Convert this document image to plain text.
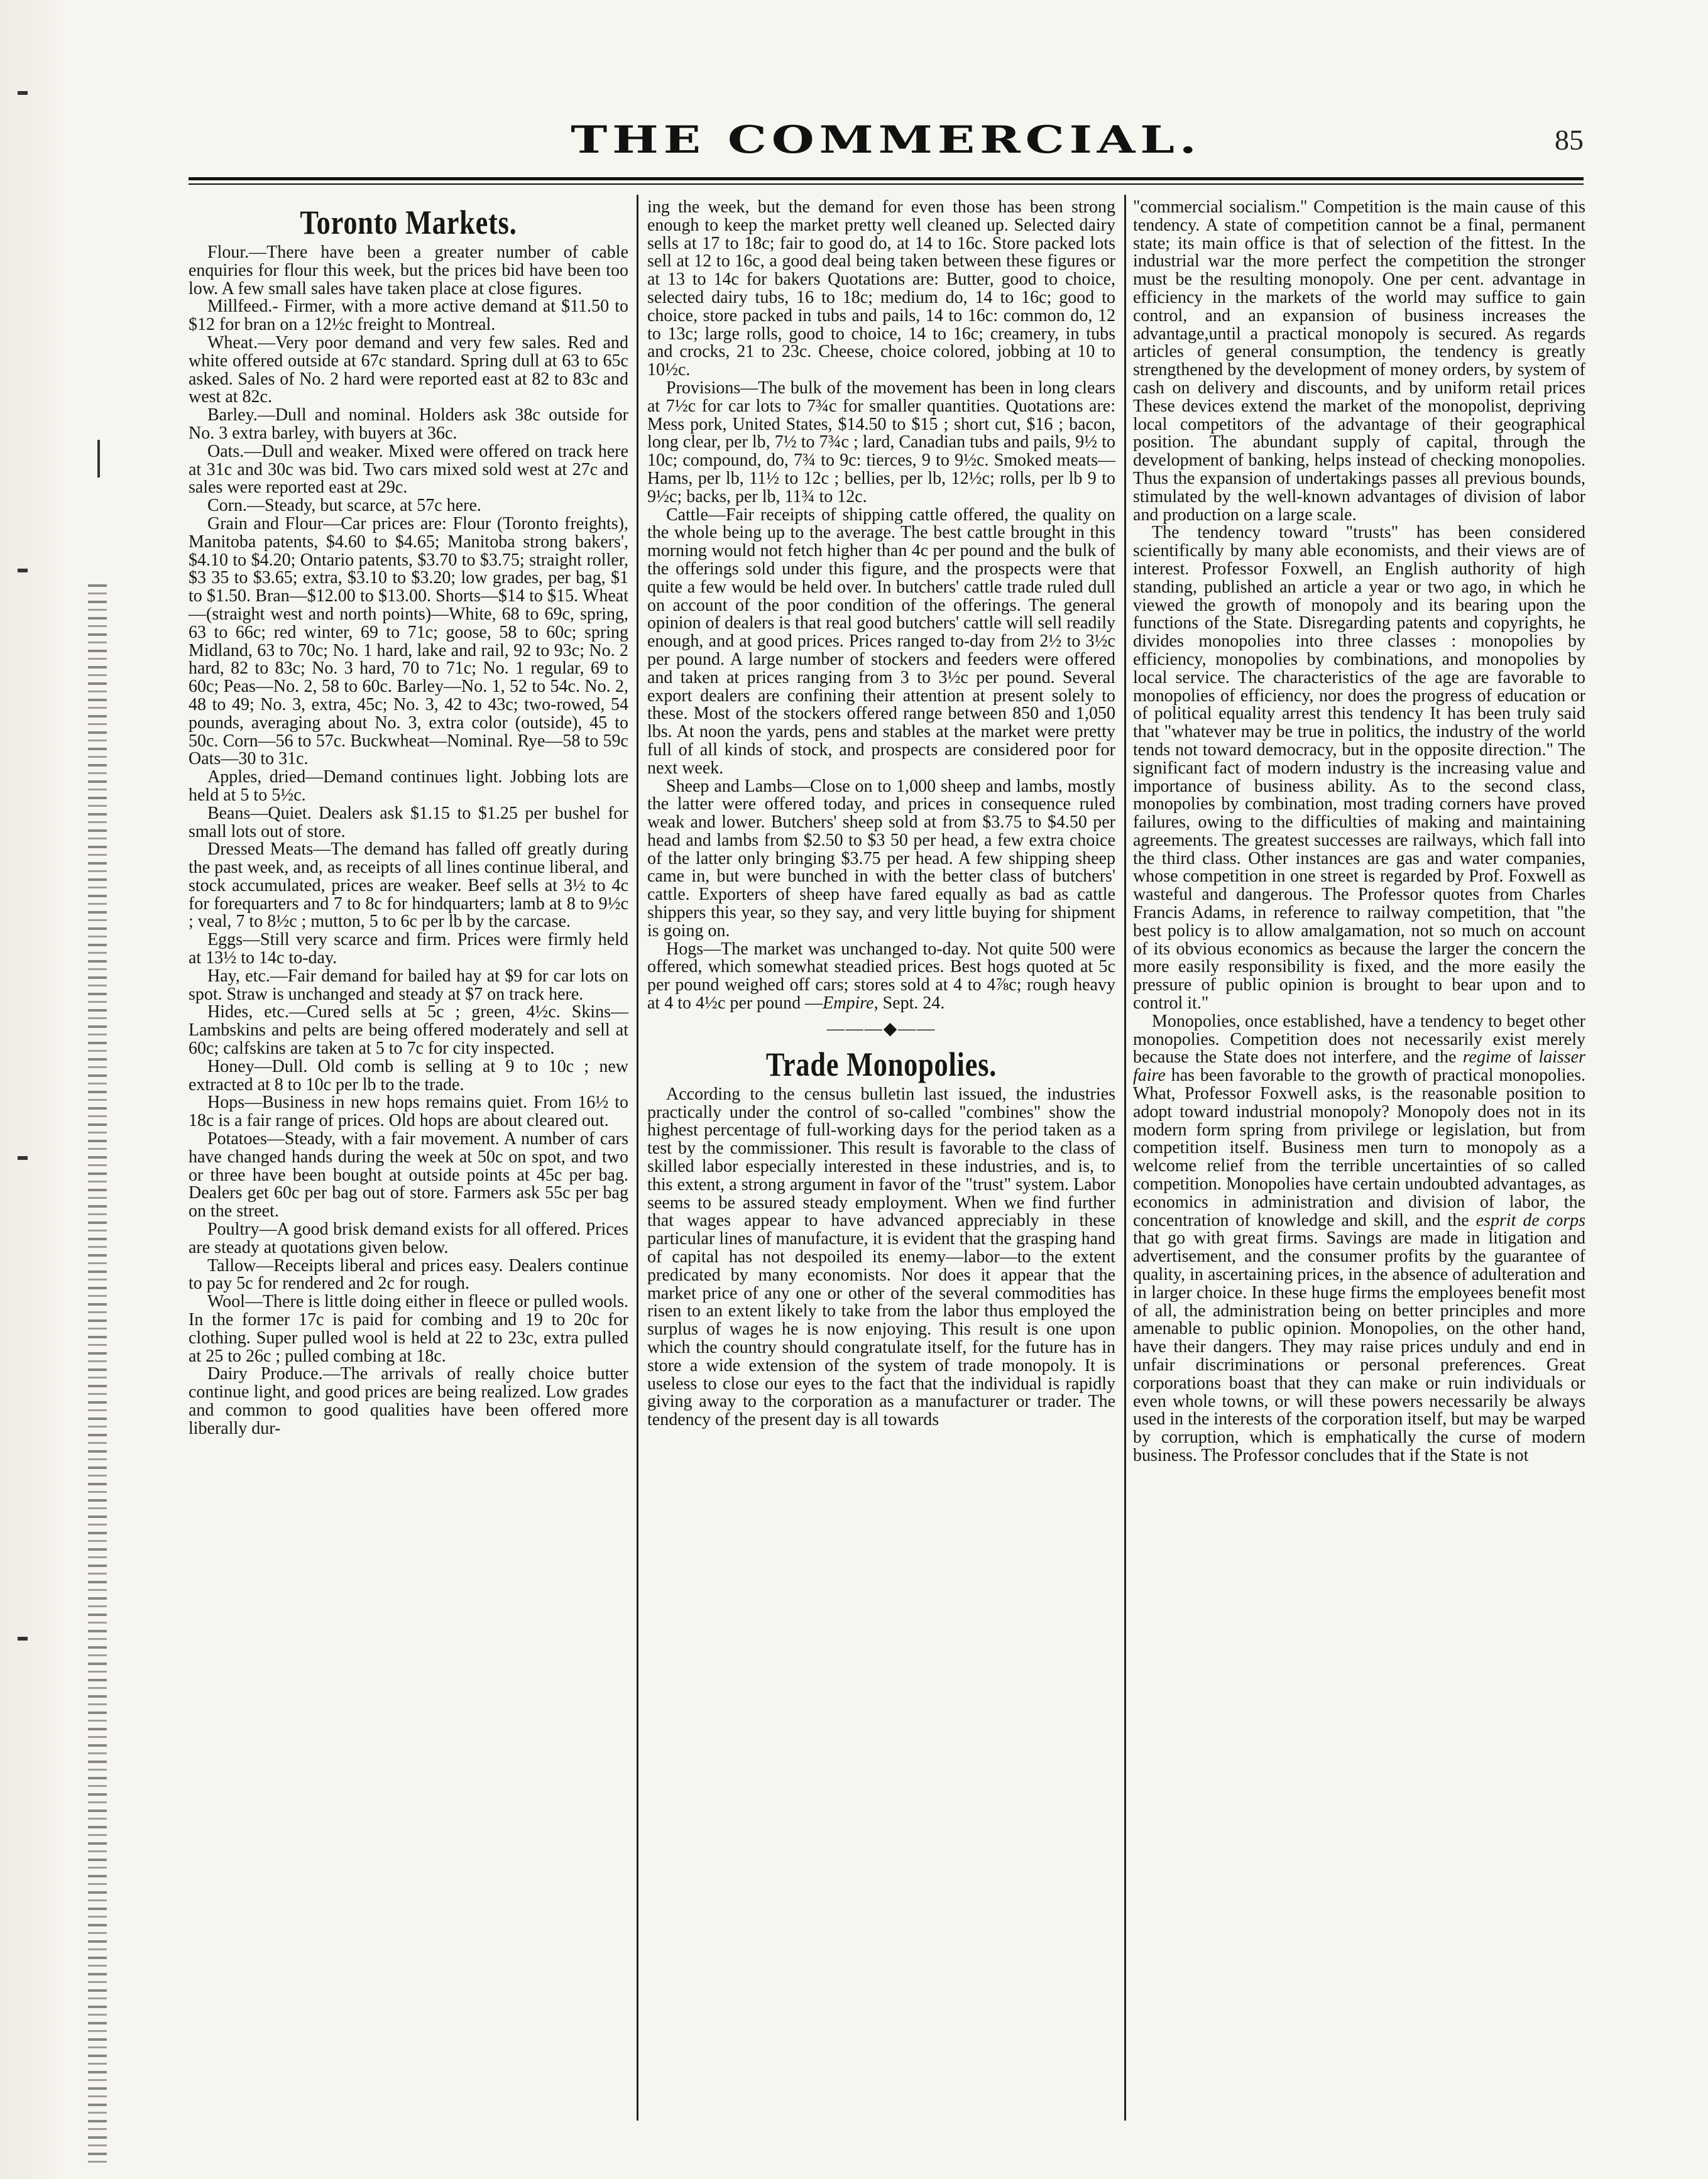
THE COMMERCIAL.	85
Toronto Markets.

Flour.—There have been a greater number of cable enquiries for flour this week, but the prices bid have been too low. A few small sales have taken place at close figures.

Millfeed.- Firmer, with a more active demand at $11.50 to $12 for bran on a 12½c freight to Montreal.

Wheat.—Very poor demand and very few sales. Red and white offered outside at 67c standard. Spring dull at 63 to 65c asked. Sales of No. 2 hard were reported east at 82 to 83c and west at 82c.

Barley.—Dull and nominal. Holders ask 38c outside for No. 3 extra barley, with buyers at 36c.

Oats.—Dull and weaker. Mixed were offered on track here at 31c and 30c was bid. Two cars mixed sold west at 27c and sales were reported east at 29c.

Corn.—Steady, but scarce, at 57c here.

Grain and Flour—Car prices are: Flour (Toronto freights), Manitoba patents, $4.60 to $4.65; Manitoba strong bakers', $4.10 to $4.20; Ontario patents, $3.70 to $3.75; straight roller, $3 35 to $3.65; extra, $3.10 to $3.20; low grades, per bag, $1 to $1.50. Bran—$12.00 to $13.00. Shorts—$14 to $15. Wheat—(straight west and north points)—White, 68 to 69c, spring, 63 to 66c; red winter, 69 to 71c; goose, 58 to 60c; spring Midland, 63 to 70c; No. 1 hard, lake and rail, 92 to 93c; No. 2 hard, 82 to 83c; No. 3 hard, 70 to 71c; No. 1 regular, 69 to 60c; Peas—No. 2, 58 to 60c. Barley—No. 1, 52 to 54c. No. 2, 48 to 49; No. 3, extra, 45c; No. 3, 42 to 43c; two-rowed, 54 pounds, averaging about No. 3, extra color (outside), 45 to 50c. Corn—56 to 57c. Buckwheat—Nominal. Rye—58 to 59c Oats—30 to 31c.

Apples, dried—Demand continues light. Jobbing lots are held at 5 to 5½c.

Beans—Quiet. Dealers ask $1.15 to $1.25 per bushel for small lots out of store.

Dressed Meats—The demand has falled off greatly during the past week, and, as receipts of all lines continue liberal, and stock accumulated, prices are weaker. Beef sells at 3½ to 4c for forequarters and 7 to 8c for hindquarters; lamb at 8 to 9½c ; veal, 7 to 8½c ; mutton, 5 to 6c per lb by the carcase.

Eggs—Still very scarce and firm. Prices were firmly held at 13½ to 14c to-day.

Hay, etc.—Fair demand for bailed hay at $9 for car lots on spot. Straw is unchanged and steady at $7 on track here.

Hides, etc.—Cured sells at 5c ; green, 4½c. Skins—Lambskins and pelts are being offered moderately and sell at 60c; calfskins are taken at 5 to 7c for city inspected.

Honey—Dull. Old comb is selling at 9 to 10c ; new extracted at 8 to 10c per lb to the trade.

Hops—Business in new hops remains quiet. From 16½ to 18c is a fair range of prices. Old hops are about cleared out.

Potatoes—Steady, with a fair movement. A number of cars have changed hands during the week at 50c on spot, and two or three have been bought at outside points at 45c per bag. Dealers get 60c per bag out of store. Farmers ask 55c per bag on the street.

Poultry—A good brisk demand exists for all offered. Prices are steady at quotations given below.

Tallow—Receipts liberal and prices easy. Dealers continue to pay 5c for rendered and 2c for rough.

Wool—There is little doing either in fleece or pulled wools. In the former 17c is paid for combing and 19 to 20c for clothing. Super pulled wool is held at 22 to 23c, extra pulled at 25 to 26c ; pulled combing at 18c.

Dairy Produce.—The arrivals of really choice butter continue light, and good prices are being realized. Low grades and common to good qualities have been offered more liberally dur-

ing the week, but the demand for even those has been strong enough to keep the market pretty well cleaned up. Selected dairy sells at 17 to 18c; fair to good do, at 14 to 16c. Store packed lots sell at 12 to 16c, a good deal being taken between these figures or at 13 to 14c for bakers Quotations are: Butter, good to choice, selected dairy tubs, 16 to 18c; medium do, 14 to 16c; good to choice, store packed in tubs and pails, 14 to 16c: common do, 12 to 13c; large rolls, good to choice, 14 to 16c; creamery, in tubs and crocks, 21 to 23c. Cheese, choice colored, jobbing at 10 to 10½c.

Provisions—The bulk of the movement has been in long clears at 7½c for car lots to 7¾c for smaller quantities. Quotations are: Mess pork, United States, $14.50 to $15 ; short cut, $16 ; bacon, long clear, per lb, 7½ to 7¾c ; lard, Canadian tubs and pails, 9½ to 10c; compound, do, 7¾ to 9c: tierces, 9 to 9½c. Smoked meats—Hams, per lb, 11½ to 12c ; bellies, per lb, 12½c; rolls, per lb 9 to 9½c; backs, per lb, 11¾ to 12c.

Cattle—Fair receipts of shipping cattle offered, the quality on the whole being up to the average. The best cattle brought in this morning would not fetch higher than 4c per pound and the bulk of the offerings sold under this figure, and the prospects were that quite a few would be held over. In butchers' cattle trade ruled dull on account of the poor condition of the offerings. The general opinion of dealers is that real good butchers' cattle will sell readily enough, and at good prices. Prices ranged to-day from 2½ to 3½c per pound. A large number of stockers and feeders were offered and taken at prices ranging from 3 to 3½c per pound. Several export dealers are confining their attention at present solely to these. Most of the stockers offered range between 850 and 1,050 lbs. At noon the yards, pens and stables at the market were pretty full of all kinds of stock, and prospects are considered poor for next week.

Sheep and Lambs—Close on to 1,000 sheep and lambs, mostly the latter were offered today, and prices in consequence ruled weak and lower. Butchers' sheep sold at from $3.75 to $4.50 per head and lambs from $2.50 to $3 50 per head, a few extra choice of the latter only bringing $3.75 per head. A few shipping sheep came in, but were bunched in with the better class of butchers' cattle. Exporters of sheep have fared equally as bad as cattle shippers this year, so they say, and very little buying for shipment is going on.

Hogs—The market was unchanged to-day. Not quite 500 were offered, which somewhat steadied prices. Best hogs quoted at 5c per pound weighed off cars; stores sold at 4 to 4⅞c; rough heavy at 4 to 4½c per pound —Empire, Sept. 24.

———◆——
Trade Monopolies.

According to the census bulletin last issued, the industries practically under the control of so-called "combines" show the highest percentage of full-working days for the period taken as a test by the commissioner. This result is favorable to the class of skilled labor especially interested in these industries, and is, to this extent, a strong argument in favor of the "trust" system. Labor seems to be assured steady employment. When we find further that wages appear to have advanced appreciably in these particular lines of manufacture, it is evident that the grasping hand of capital has not despoiled its enemy—labor—to the extent predicated by many economists. Nor does it appear that the market price of any one or other of the several commodities has risen to an extent likely to take from the labor thus employed the surplus of wages he is now enjoying. This result is one upon which the country should congratulate itself, for the future has in store a wide extension of the system of trade monopoly. It is useless to close our eyes to the fact that the individual is rapidly giving away to the corporation as a manufacturer or trader. The tendency of the present day is all towards

"commercial socialism." Competition is the main cause of this tendency. A state of competition cannot be a final, permanent state; its main office is that of selection of the fittest. In the industrial war the more perfect the competition the stronger must be the resulting monopoly. One per cent. advantage in efficiency in the markets of the world may suffice to gain control, and an expansion of business increases the advantage,until a practical monopoly is secured. As regards articles of general consumption, the tendency is greatly strengthened by the development of money orders, by system of cash on delivery and discounts, and by uniform retail prices These devices extend the market of the monopolist, depriving local competitors of the advantage of their geographical position. The abundant supply of capital, through the development of banking, helps instead of checking monopolies. Thus the expansion of undertakings passes all previous bounds, stimulated by the well-known advantages of division of labor and production on a large scale.

The tendency toward "trusts" has been considered scientifically by many able economists, and their views are of interest. Professor Foxwell, an English authority of high standing, published an article a year or two ago, in which he viewed the growth of monopoly and its bearing upon the functions of the State. Disregarding patents and copyrights, he divides monopolies into three classes : monopolies by efficiency, monopolies by combinations, and monopolies by local service. The characteristics of the age are favorable to monopolies of efficiency, nor does the progress of education or of political equality arrest this tendency It has been truly said that "whatever may be true in politics, the industry of the world tends not toward democracy, but in the opposite direction." The significant fact of modern industry is the increasing value and importance of business ability. As to the second class, monopolies by combination, most trading corners have proved failures, owing to the difficulties of making and maintaining agreements. The greatest successes are railways, which fall into the third class. Other instances are gas and water companies, whose competition in one street is regarded by Prof. Foxwell as wasteful and dangerous. The Professor quotes from Charles Francis Adams, in reference to railway competition, that "the best policy is to allow amalgamation, not so much on account of its obvious economics as because the larger the concern the more easily responsibility is fixed, and the more easily the pressure of public opinion is brought to bear upon and to control it."

Monopolies, once established, have a tendency to beget other monopolies. Competition does not necessarily exist merely because the State does not interfere, and the regime of laisser faire has been favorable to the growth of practical monopolies. What, Professor Foxwell asks, is the reasonable position to adopt toward industrial monopoly? Monopoly does not in its modern form spring from privilege or legislation, but from competition itself. Business men turn to monopoly as a welcome relief from the terrible uncertainties of so called competition. Monopolies have certain undoubted advantages, as economics in administration and division of labor, the concentration of knowledge and skill, and the esprit de corps that go with great firms. Savings are made in litigation and advertisement, and the consumer profits by the guarantee of quality, in ascertaining prices, in the absence of adulteration and in larger choice. In these huge firms the employees benefit most of all, the administration being on better principles and more amenable to public opinion. Monopolies, on the other hand, have their dangers. They may raise prices unduly and end in unfair discriminations or personal preferences. Great corporations boast that they can make or ruin individuals or even whole towns, or will these powers necessarily be always used in the interests of the corporation itself, but may be warped by corruption, which is emphatically the curse of modern business. The Professor concludes that if the State is not
